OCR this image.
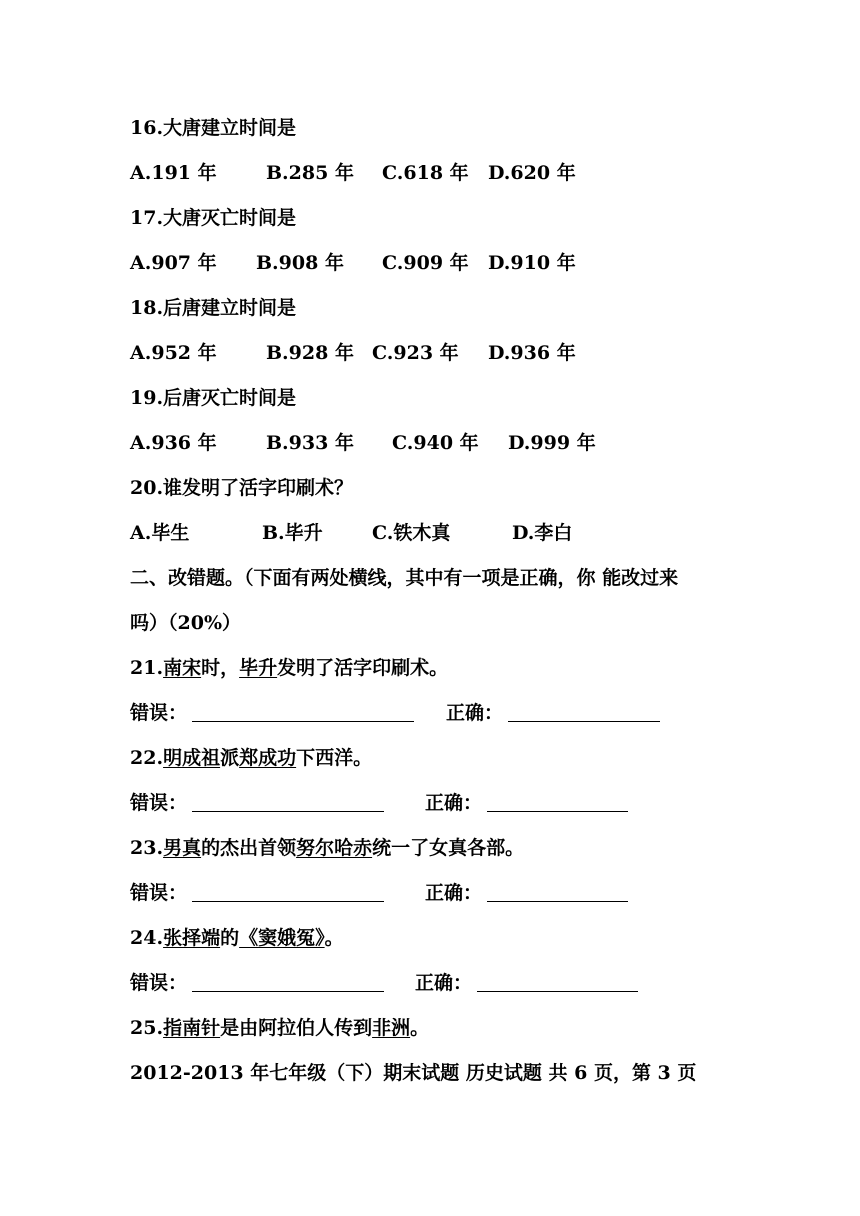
16.大唐建立时间是
A.191 年	B.285 年 C.618 年 D.620 年
17.大唐灭亡时间是
A.907 年 B.908 年 C.909 年 D.910 年
18.后唐建立时间是
A.952 年	B.928 年 C.923 年 D.936 年
19.后唐灭亡时间是
A.936 年	B.933 年 C.940 年 D.999 年
20.谁发明了活字印刷术？
A.毕生	B.毕升	C.铁木真	D.李白
二、改错题。（下面有两处横线，其中有一项是正确，你 能改过来
吗）（20%）
21.南宋时，毕升发明了活字印刷术。
错误：	正确：
22.明成祖派郑成功下西洋。
错误：	正确：
23.男真的杰出首领努尔哈赤统一了女真各部。
错误：	正确：
24.张择端的《窦娥冤》。
错误：	正确：
25.指南针是由阿拉伯人传到非洲。
2012-2013 年七年级（下）期末试题 历史试题 共 6 页，第 3 页
